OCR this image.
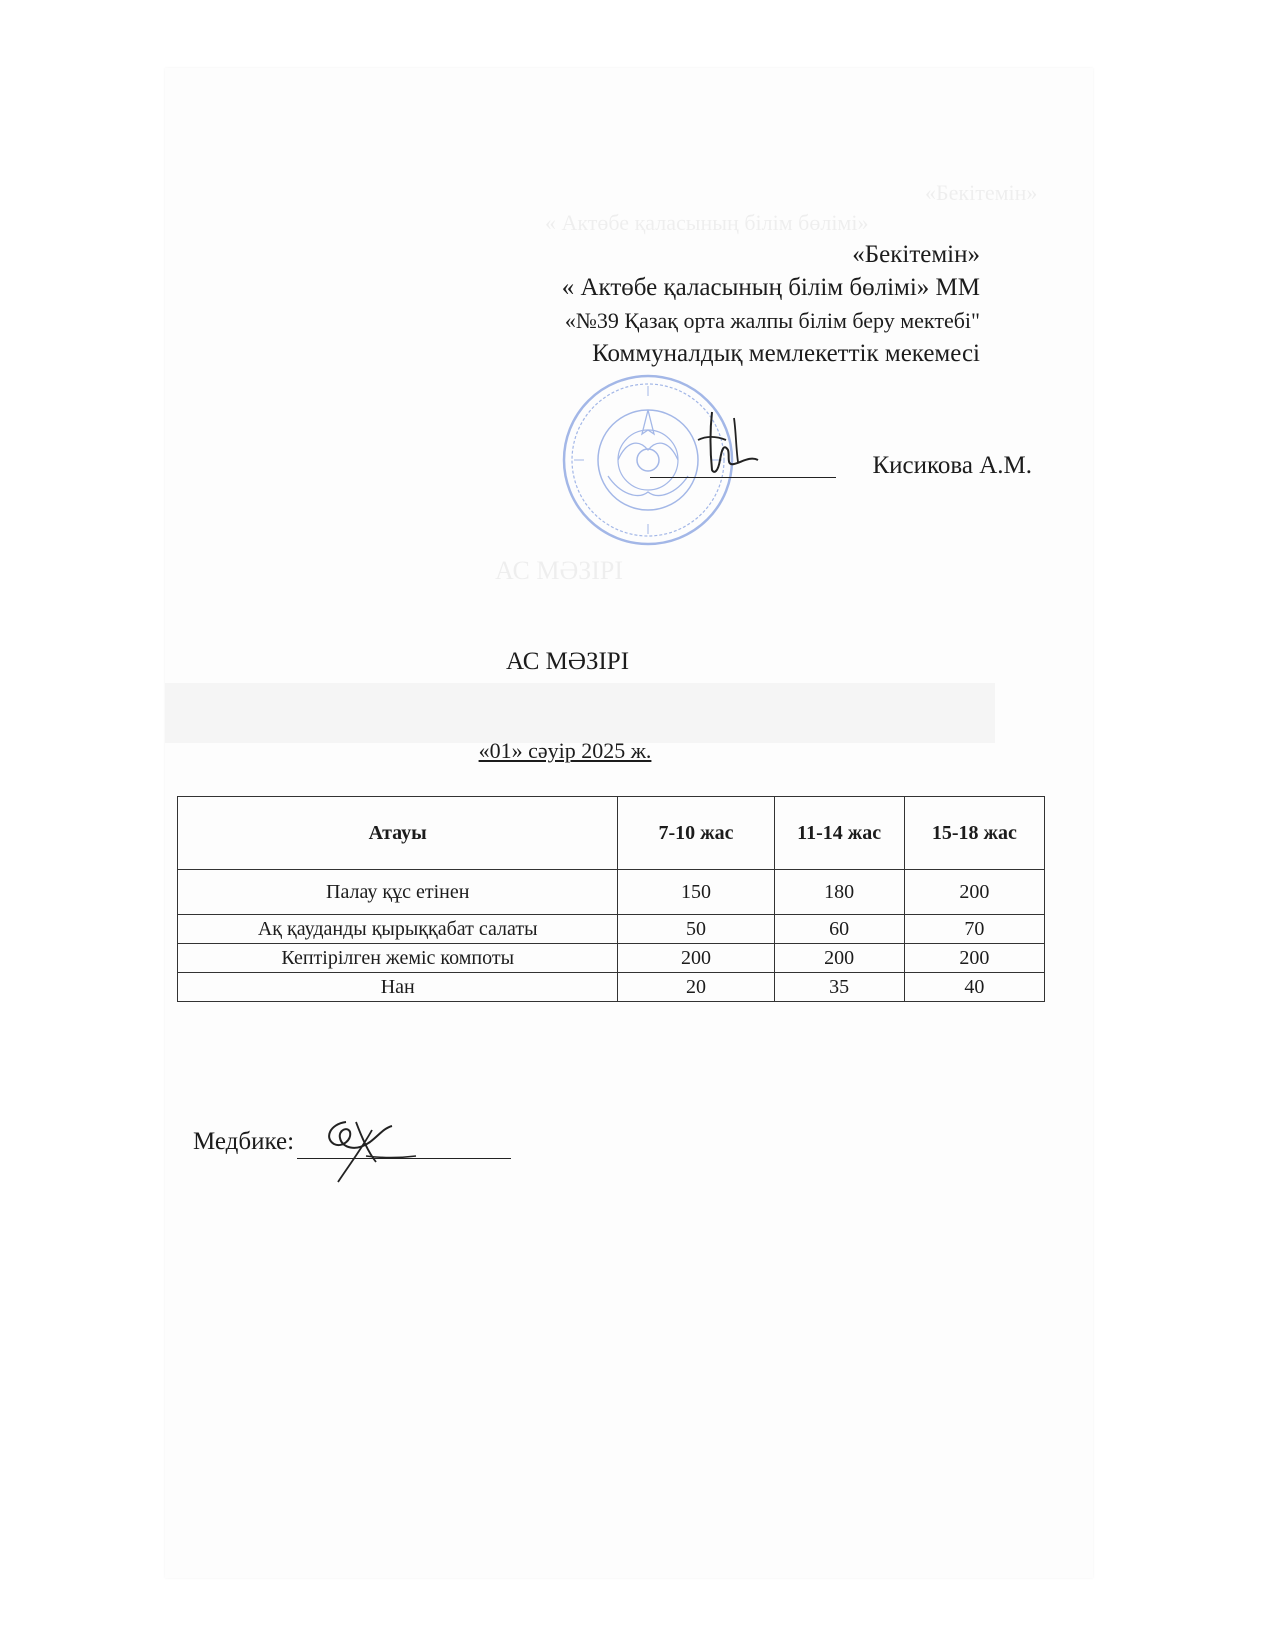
«Бекітемін»
« Актөбе қаласының білім бөлімі»
АС МӘЗІРІ
«Бекітемін»
« Актөбе қаласының білім бөлімі» ММ
«№39 Қазақ орта жалпы білім беру мектебі"
Коммуналдық мемлекеттік мекемесі
Кисикова А.М.
АС МӘЗІРІ
«01» сәуір 2025 ж.
Атауы	7-10 жас	11-14 жас	15-18 жас
Палау құс етінен	150	180	200
Ақ қауданды қырыққабат салаты	50	60	70
Кептірілген жеміс компоты	200	200	200
Нан	20	35	40
Медбике:
